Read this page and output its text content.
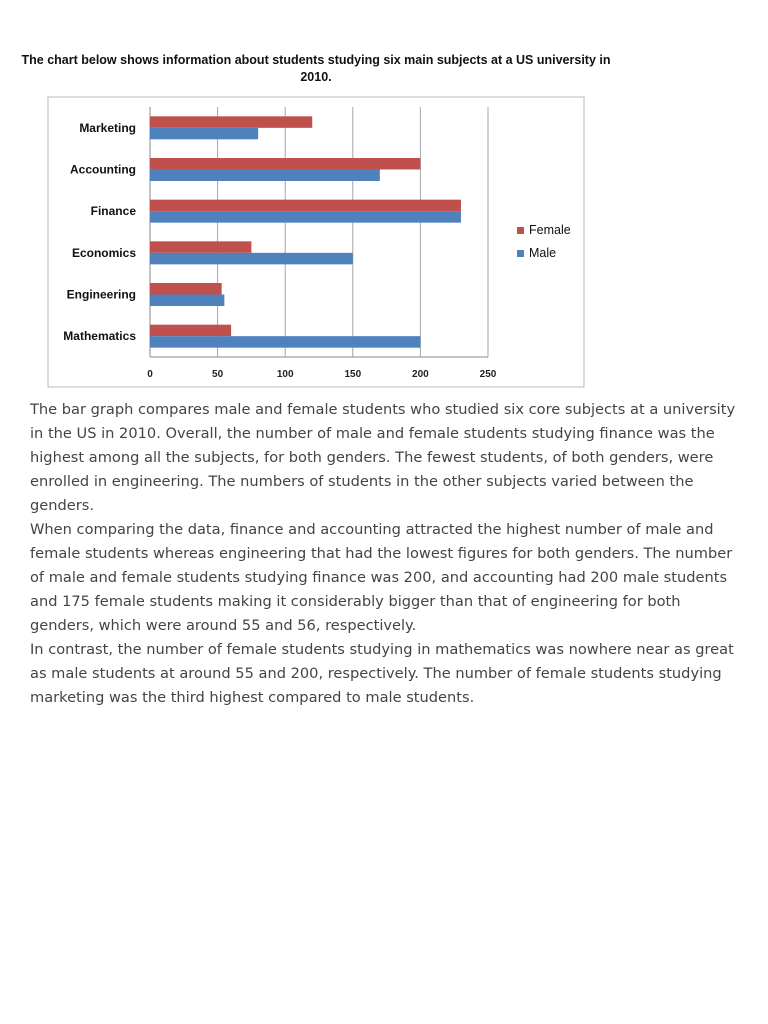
The chart below shows information about students studying six main subjects at a US university in 2010.
0	50	100	150	200	250
Marketing
Accounting
Finance
Economics
Engineering
Mathematics
Female
Male

The bar graph compares male and female students who studied six core subjects at a university in the US in 2010. Overall, the number of male and female students studying finance was the highest among all the subjects, for both genders. The fewest students, of both genders, were enrolled in engineering. The numbers of students in the other subjects varied between the genders.

When comparing the data, finance and accounting attracted the highest number of male and female students whereas engineering that had the lowest figures for both genders. The number of male and female students studying finance was 200, and accounting had 200 male students and 175 female students making it considerably bigger than that of engineering for both genders, which were around 55 and 56, respectively.

In contrast, the number of female students studying in mathematics was nowhere near as great as male students at around 55 and 200, respectively. The number of female students studying marketing was the third highest compared to male students.
